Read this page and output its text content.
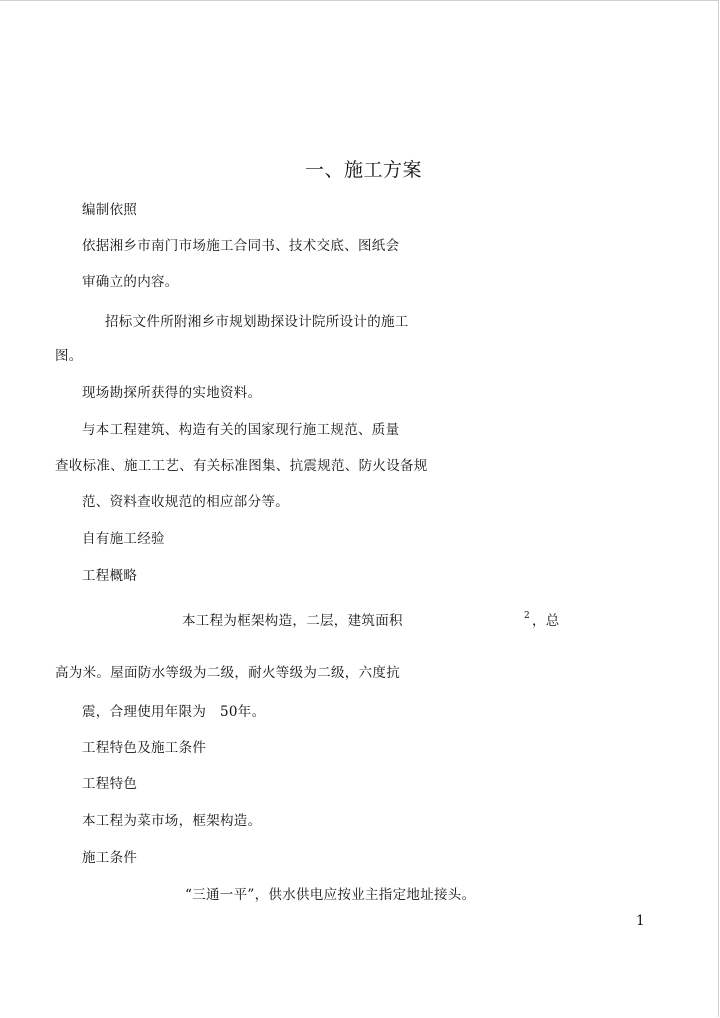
一、施工方案
编制依照
依据湘乡市南门市场施工合同书、技术交底、图纸会
审确立的内容。
招标文件所附湘乡市规划勘探设计院所设计的施工
图。
现场勘探所获得的实地资料。
与本工程建筑、构造有关的国家现行施工规范、质量
查收标准、施工工艺、有关标准图集、抗震规范、防火设备规
范、资料查收规范的相应部分等。
自有施工经验
工程概略
本工程为框架构造，二层，建筑面积	2 ，总
高为米。屋面防水等级为二级，耐火等级为二级，六度抗
震，合理使用年限为　50年。
工程特色及施工条件
工程特色
本工程为菜市场，框架构造。
施工条件
“三通一平”，供水供电应按业主指定地址接头。
1
